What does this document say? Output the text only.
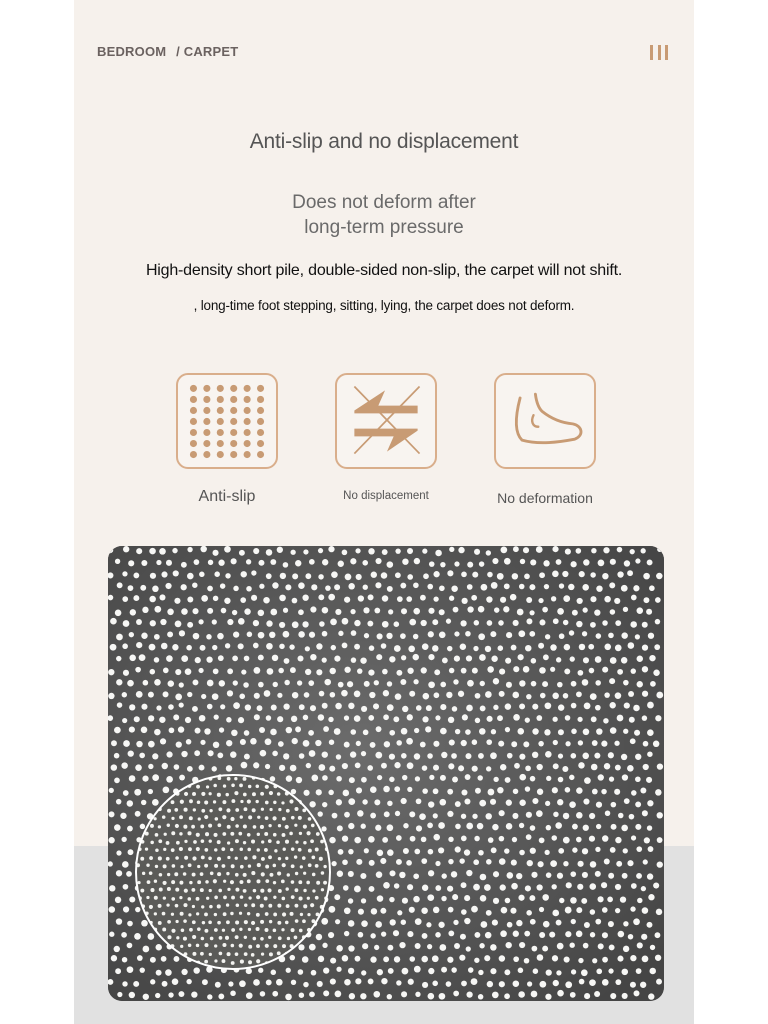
BEDROOM / CARPET
Anti-slip and no displacement
Does not deform after
long-term pressure
High-density short pile, double-sided non-slip, the carpet will not shift.
, long-time foot stepping, sitting, lying, the carpet does not deform.
Anti-slip	No displacement	No deformation
